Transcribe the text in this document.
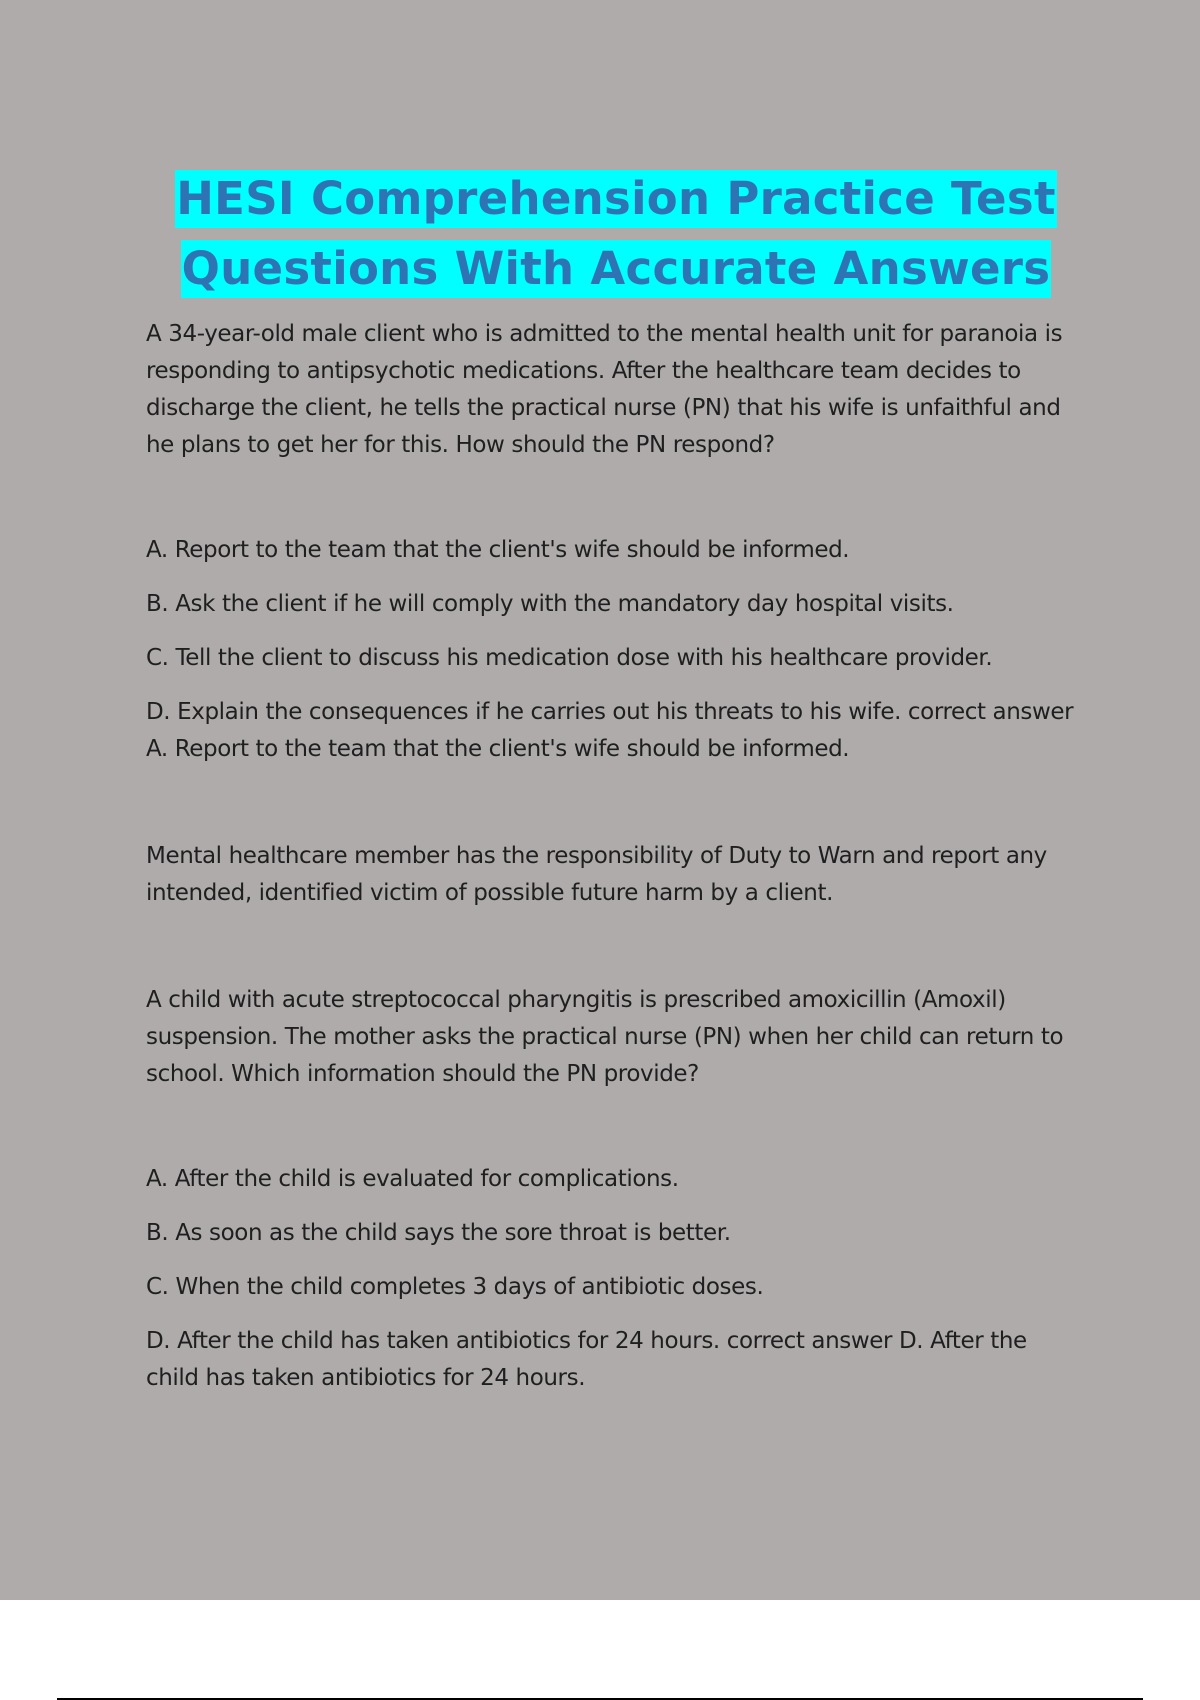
HESI Comprehension Practice Test
Questions With Accurate Answers

A 34-year-old male client who is admitted to the mental health unit for paranoia is responding to antipsychotic medications. After the healthcare team decides to discharge the client, he tells the practical nurse (PN) that his wife is unfaithful and he plans to get her for this. How should the PN respond?

A. Report to the team that the client's wife should be informed.

B. Ask the client if he will comply with the mandatory day hospital visits.

C. Tell the client to discuss his medication dose with his healthcare provider.

D. Explain the consequences if he carries out his threats to his wife. correct answer A. Report to the team that the client's wife should be informed.

Mental healthcare member has the responsibility of Duty to Warn and report any intended, identified victim of possible future harm by a client.

A child with acute streptococcal pharyngitis is prescribed amoxicillin (Amoxil) suspension. The mother asks the practical nurse (PN) when her child can return to school. Which information should the PN provide?

A. After the child is evaluated for complications.

B. As soon as the child says the sore throat is better.

C. When the child completes 3 days of antibiotic doses.

D. After the child has taken antibiotics for 24 hours. correct answer D. After the child has taken antibiotics for 24 hours.
